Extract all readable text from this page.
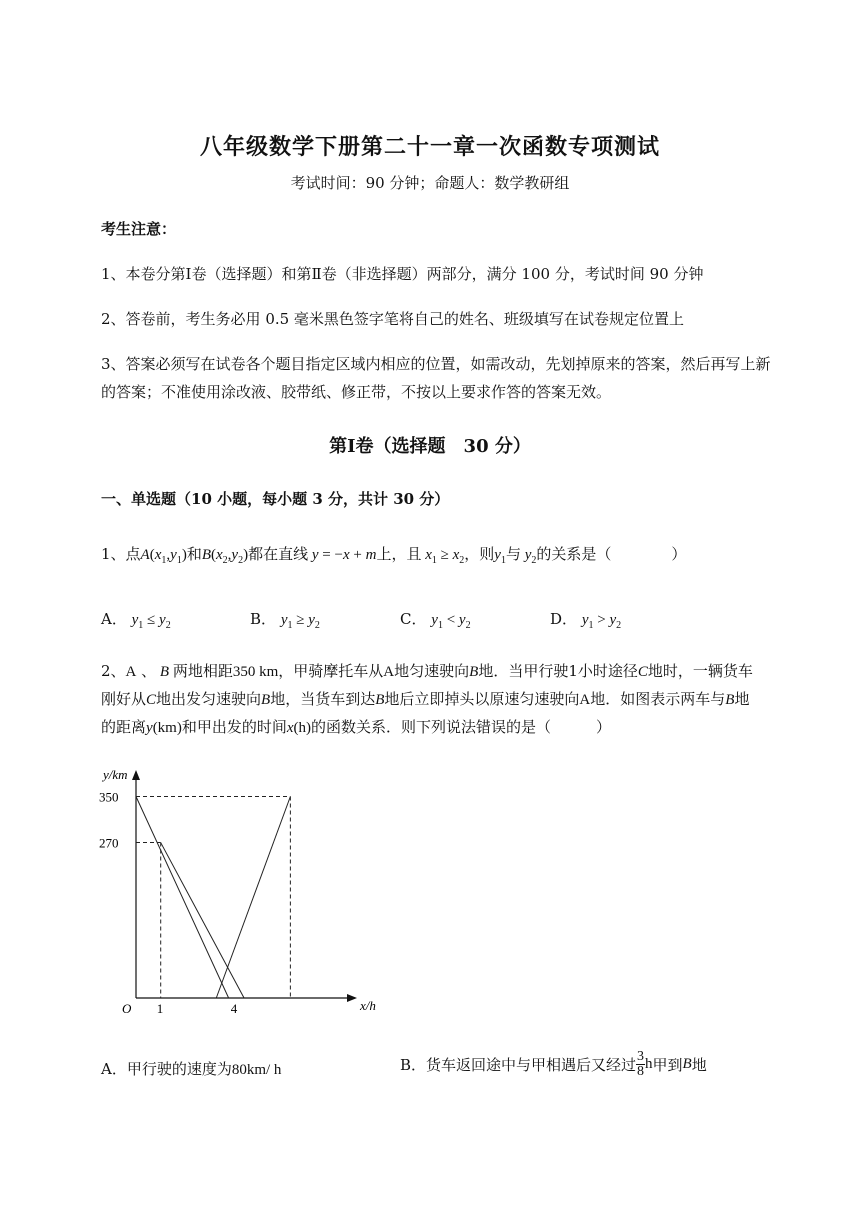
八年级数学下册第二十一章一次函数专项测试
考试时间：90 分钟；命题人：数学教研组
考生注意：
1、本卷分第Ⅰ卷（选择题）和第Ⅱ卷（非选择题）两部分，满分 100 分，考试时间 90 分钟
2、答卷前，考生务必用 0.5 毫米黑色签字笔将自己的姓名、班级填写在试卷规定位置上
3、答案必须写在试卷各个题目指定区域内相应的位置，如需改动，先划掉原来的答案，然后再写上新
的答案；不准使用涂改液、胶带纸、修正带，不按以上要求作答的答案无效。
第Ⅰ卷（选择题　30 分）
一、单选题（10 小题，每小题 3 分，共计 30 分）
1、点$A(x_1,y_1)$和$B(x_2,y_2)$都在直线 y = −x + m上，且 $x_1 \ge x_2$，则$y_1$与 $y_2$的关系是（　　　　）
A． $y_1 \le y_2$	B． $y_1 \ge y_2$	C． $y_1 < y_2$	D． $y_1 > y_2$
2、A 、 B 两地相距350 km，甲骑摩托车从A地匀速驶向B地．当甲行驶1小时途径C地时，一辆货车
刚好从C地出发匀速驶向B地，当货车到达B地后立即掉头以原速匀速驶向A地．如图表示两车与B地
的距离y(km)和甲出发的时间x(h)的函数关系．则下列说法错误的是（　　　）
y/km
x/h
O
350
270
1	4
A．甲行驶的速度为80km/ h	B．货车返回途中与甲相遇后又经过 $\frac{3}{8}$ h甲到B地
